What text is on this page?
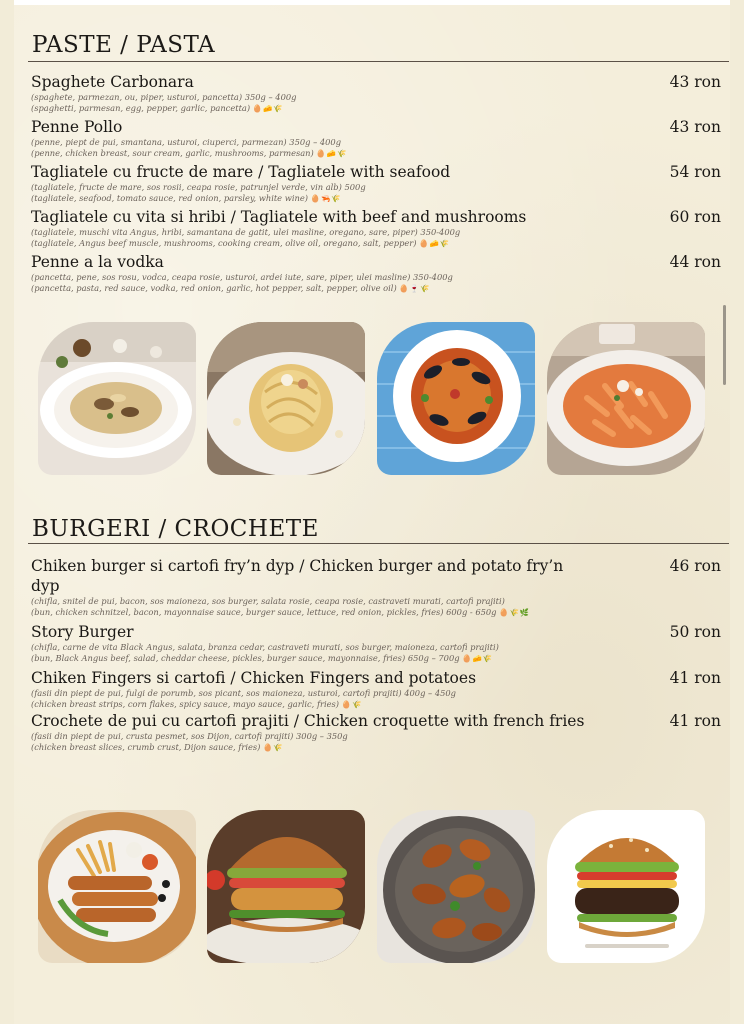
PASTE / PASTA
Spaghete Carbonara	43 ron
(spaghete, parmezan, ou, piper, usturoi, pancetta) 350g – 400g
(spaghetti, parmesan, egg, pepper, garlic, pancetta) 🥚🧀🌾
Penne Pollo	43 ron
(penne, piept de pui, smantana, usturoi, ciuperci, parmezan) 350g – 400g
(penne, chicken breast, sour cream, garlic, mushrooms, parmesan) 🥚🧀🌾
Tagliatele cu fructe de mare / Tagliatele with seafood	54 ron
(tagliatele, fructe de mare, sos rosii, ceapa rosie, patrunjel verde, vin alb) 500g
(tagliatele, seafood, tomato sauce, red onion, parsley, white wine) 🥚🦐🌾
Tagliatele cu vita si hribi / Tagliatele with beef and mushrooms	60 ron
(tagliatele, muschi vita Angus, hribi, samantana de gatit, ulei masline, oregano, sare, piper) 350-400g
(tagliatele, Angus beef muscle, mushrooms, cooking cream, olive oil, oregano, salt, pepper) 🥚🧀🌾
Penne a la vodka	44 ron
(pancetta, pene, sos rosu, vodca, ceapa rosie, usturoi, ardei iute, sare, piper, ulei masline) 350-400g
(pancetta, pasta, red sauce, vodka, red onion, garlic, hot pepper, salt, pepper, olive oil) 🥚🍷🌾
BURGERI / CROCHETE
Chiken burger si cartofi fry’n dyp / Chicken burger and potato fry’n dyp
46 ron
(chifla, snitel de pui, bacon, sos maioneza, sos burger, salata rosie, ceapa rosie, castraveti murati, cartofi prajiti)
(bun, chicken schnitzel, bacon, mayonnaise sauce, burger sauce, lettuce, red onion, pickles, fries) 600g - 650g 🥚🌾🌿
Story Burger	50 ron
(chifla, carne de vita Black Angus, salata, branza cedar, castraveti murati, sos burger, maioneza, cartofi prajiti)
(bun, Black Angus beef, salad, cheddar cheese, pickles, burger sauce, mayonnaise, fries) 650g – 700g 🥚🧀🌾
Chiken Fingers si cartofi / Chicken Fingers and potatoes	41 ron
(fasii din piept de pui, fulgi de porumb, sos picant, sos maioneza, usturoi, cartofi prajiti) 400g – 450g
(chicken breast strips, corn flakes, spicy sauce, mayo sauce, garlic, fries) 🥚🌾
Crochete de pui cu cartofi prajiti / Chicken croquette with french fries	41 ron
(fasii din piept de pui, crusta pesmet, sos Dijon, cartofi prajiti) 300g – 350g
(chicken breast slices, crumb crust, Dijon sauce, fries) 🥚🌾
